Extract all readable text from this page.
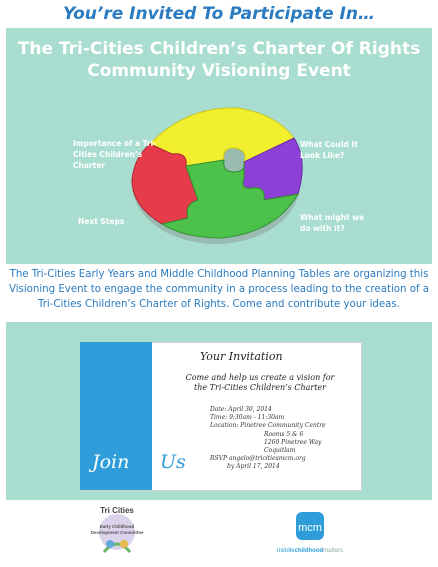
You’re Invited To Participate In…
The Tri-Cities Children’s Charter Of Rights
Community Visioning Event
Importance of a Tri-
Cities Children’s
Charter
What Could It
Look Like?
Next Steps	What might we
do with it?
The Tri-Cities Early Years and Middle Childhood Planning Tables are organizing this
Visioning Event to engage the community in a process leading to the creation of a
Tri-Cities Children’s Charter of Rights. Come and contribute your ideas.
Your Invitation
Come and help us create a vision for
the Tri-Cities Children’s Charter
Date: April 30, 2014
Time: 9:30am - 11:30am
Location: Pinetree Community Centre
Rooms 5 & 6
1260 Pinetree Way
Coquitlam
RSVP angelo@tricitiesmcm.org
by April 17, 2014
Join Us
Tri Cities
Early Childhood
Development Committee	mcm
middlechildhoodmatters
